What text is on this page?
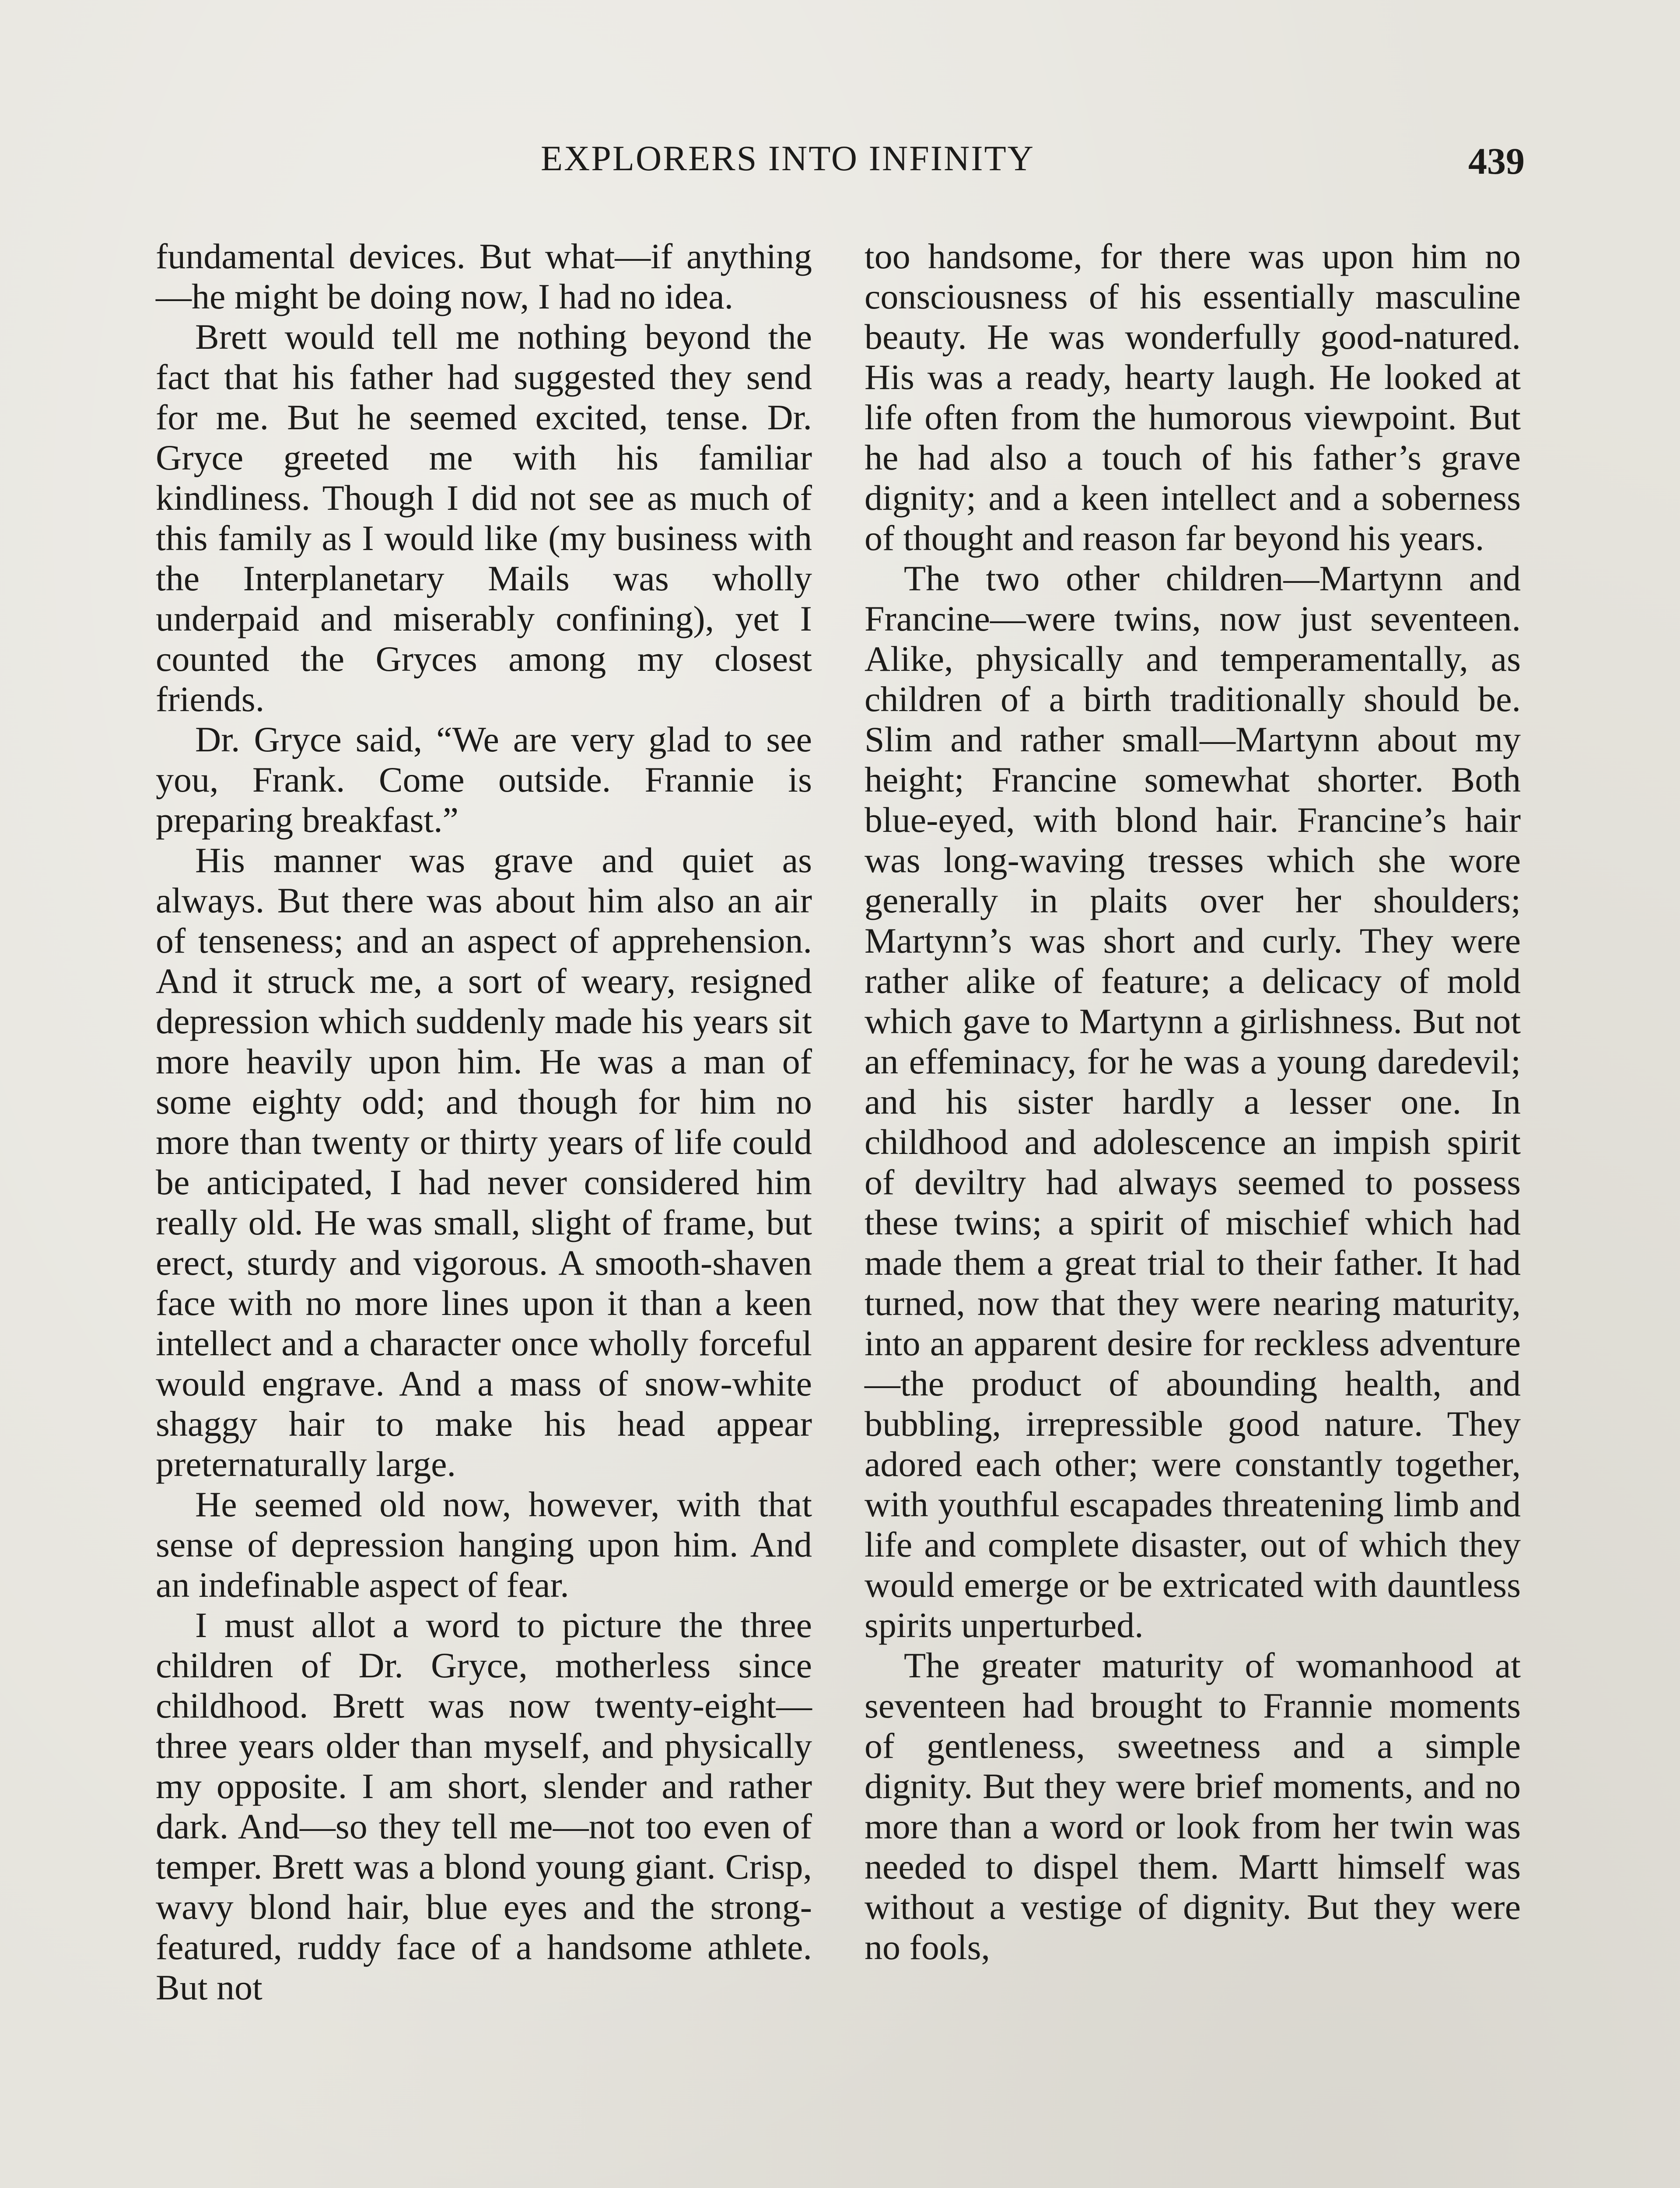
EXPLORERS INTO INFINITY	439

fundamental devices. But what—if anything—he might be doing now, I had no idea.

Brett would tell me nothing beyond the fact that his father had suggested they send for me. But he seemed excited, tense. Dr. Gryce greeted me with his familiar kindliness. Though I did not see as much of this family as I would like (my business with the Interplanetary Mails was wholly underpaid and miserably confining), yet I counted the Gryces among my closest friends.

Dr. Gryce said, “We are very glad to see you, Frank. Come outside. Frannie is preparing breakfast.”

His manner was grave and quiet as always. But there was about him also an air of tenseness; and an aspect of apprehension. And it struck me, a sort of weary, resigned depression which suddenly made his years sit more heavily upon him. He was a man of some eighty odd; and though for him no more than twenty or thirty years of life could be anticipated, I had never considered him really old. He was small, slight of frame, but erect, sturdy and vigorous. A smooth-shaven face with no more lines upon it than a keen intellect and a character once wholly forceful would engrave. And a mass of snow-white shaggy hair to make his head appear preternaturally large.

He seemed old now, however, with that sense of depression hanging upon him. And an indefinable aspect of fear.

I must allot a word to picture the three children of Dr. Gryce, motherless since childhood. Brett was now twenty-eight—three years older than myself, and physically my opposite. I am short, slender and rather dark. And—so they tell me—not too even of temper. Brett was a blond young giant. Crisp, wavy blond hair, blue eyes and the strong-featured, ruddy face of a handsome athlete. But not

too handsome, for there was upon him no consciousness of his essentially masculine beauty. He was wonderfully good-natured. His was a ready, hearty laugh. He looked at life often from the humorous viewpoint. But he had also a touch of his father’s grave dignity; and a keen intellect and a soberness of thought and reason far beyond his years.

The two other children—Martynn and Francine—were twins, now just seventeen. Alike, physically and temperamentally, as children of a birth traditionally should be. Slim and rather small—Martynn about my height; Francine somewhat shorter. Both blue-eyed, with blond hair. Francine’s hair was long-waving tresses which she wore generally in plaits over her shoulders; Martynn’s was short and curly. They were rather alike of feature; a delicacy of mold which gave to Martynn a girlishness. But not an effeminacy, for he was a young daredevil; and his sister hardly a lesser one. In childhood and adolescence an impish spirit of deviltry had always seemed to possess these twins; a spirit of mischief which had made them a great trial to their father. It had turned, now that they were nearing maturity, into an apparent desire for reckless adventure—the product of abounding health, and bubbling, irrepressible good nature. They adored each other; were constantly together, with youthful escapades threatening limb and life and complete disaster, out of which they would emerge or be extricated with dauntless spirits unperturbed.

The greater maturity of womanhood at seventeen had brought to Frannie moments of gentleness, sweetness and a simple dignity. But they were brief moments, and no more than a word or look from her twin was needed to dispel them. Martt himself was without a vestige of dignity. But they were no fools,
